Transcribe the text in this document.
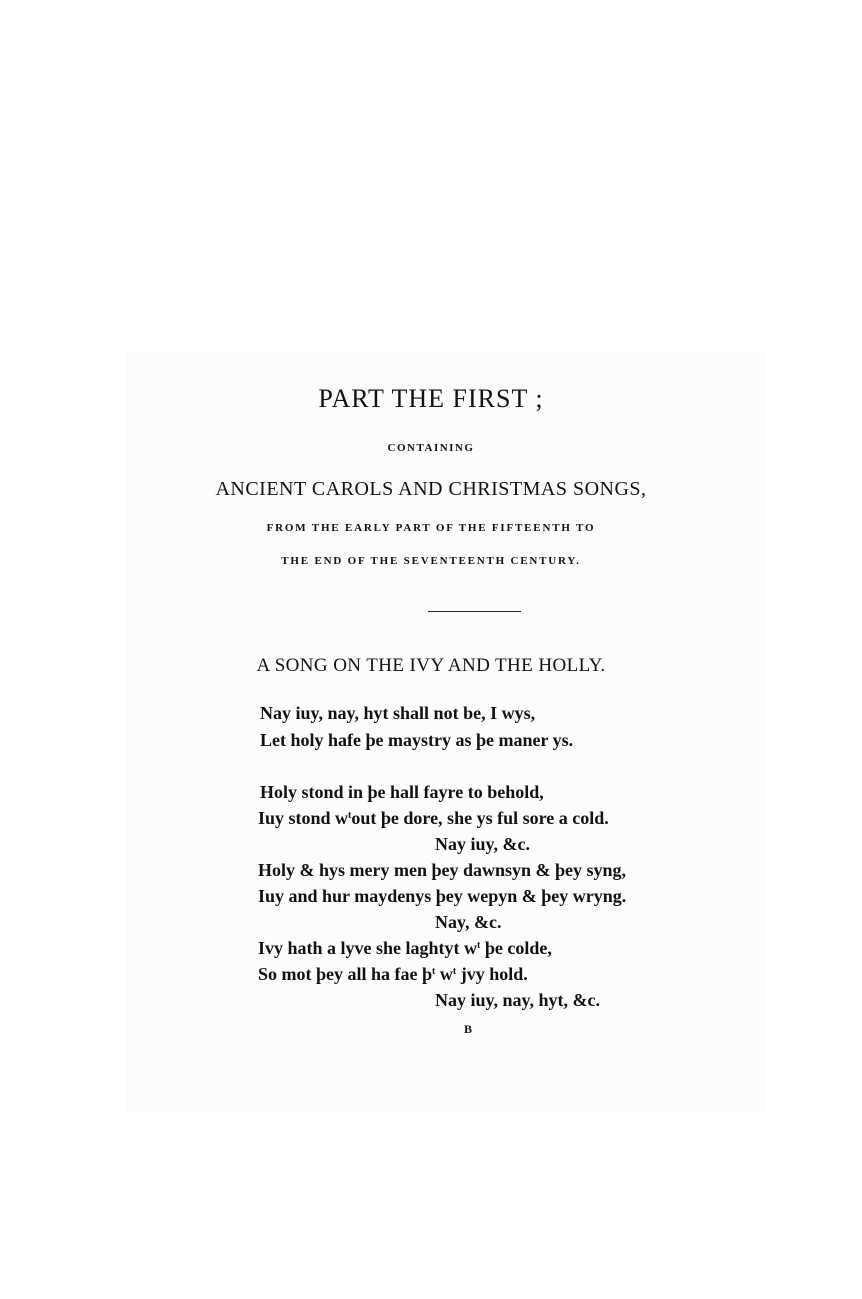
PART THE FIRST ;
CONTAINING
ANCIENT CAROLS AND CHRISTMAS SONGS,
FROM THE EARLY PART OF THE FIFTEENTH TO
THE END OF THE SEVENTEENTH CENTURY.
A SONG ON THE IVY AND THE HOLLY.
Nay iuy, nay, hyt shall not be, I wys,
Let holy hafe þe maystry as þe maner ys.
Holy stond in þe hall fayre to behold,
Iuy stond $w^tout$ þe dore, she ys ful sore a cold.
Nay iuy, &c.
Holy & hys mery men þey dawnsyn & þey syng,
Iuy and hur maydenys þey wepyn & þey wryng.
Nay, &c.
Ivy hath a lyve she laghtyt $w^t$ þe colde,
So mot þey all ha fae $þ^t$ $w^t$ jvy hold.
Nay iuy, nay, hyt, &c.
B
